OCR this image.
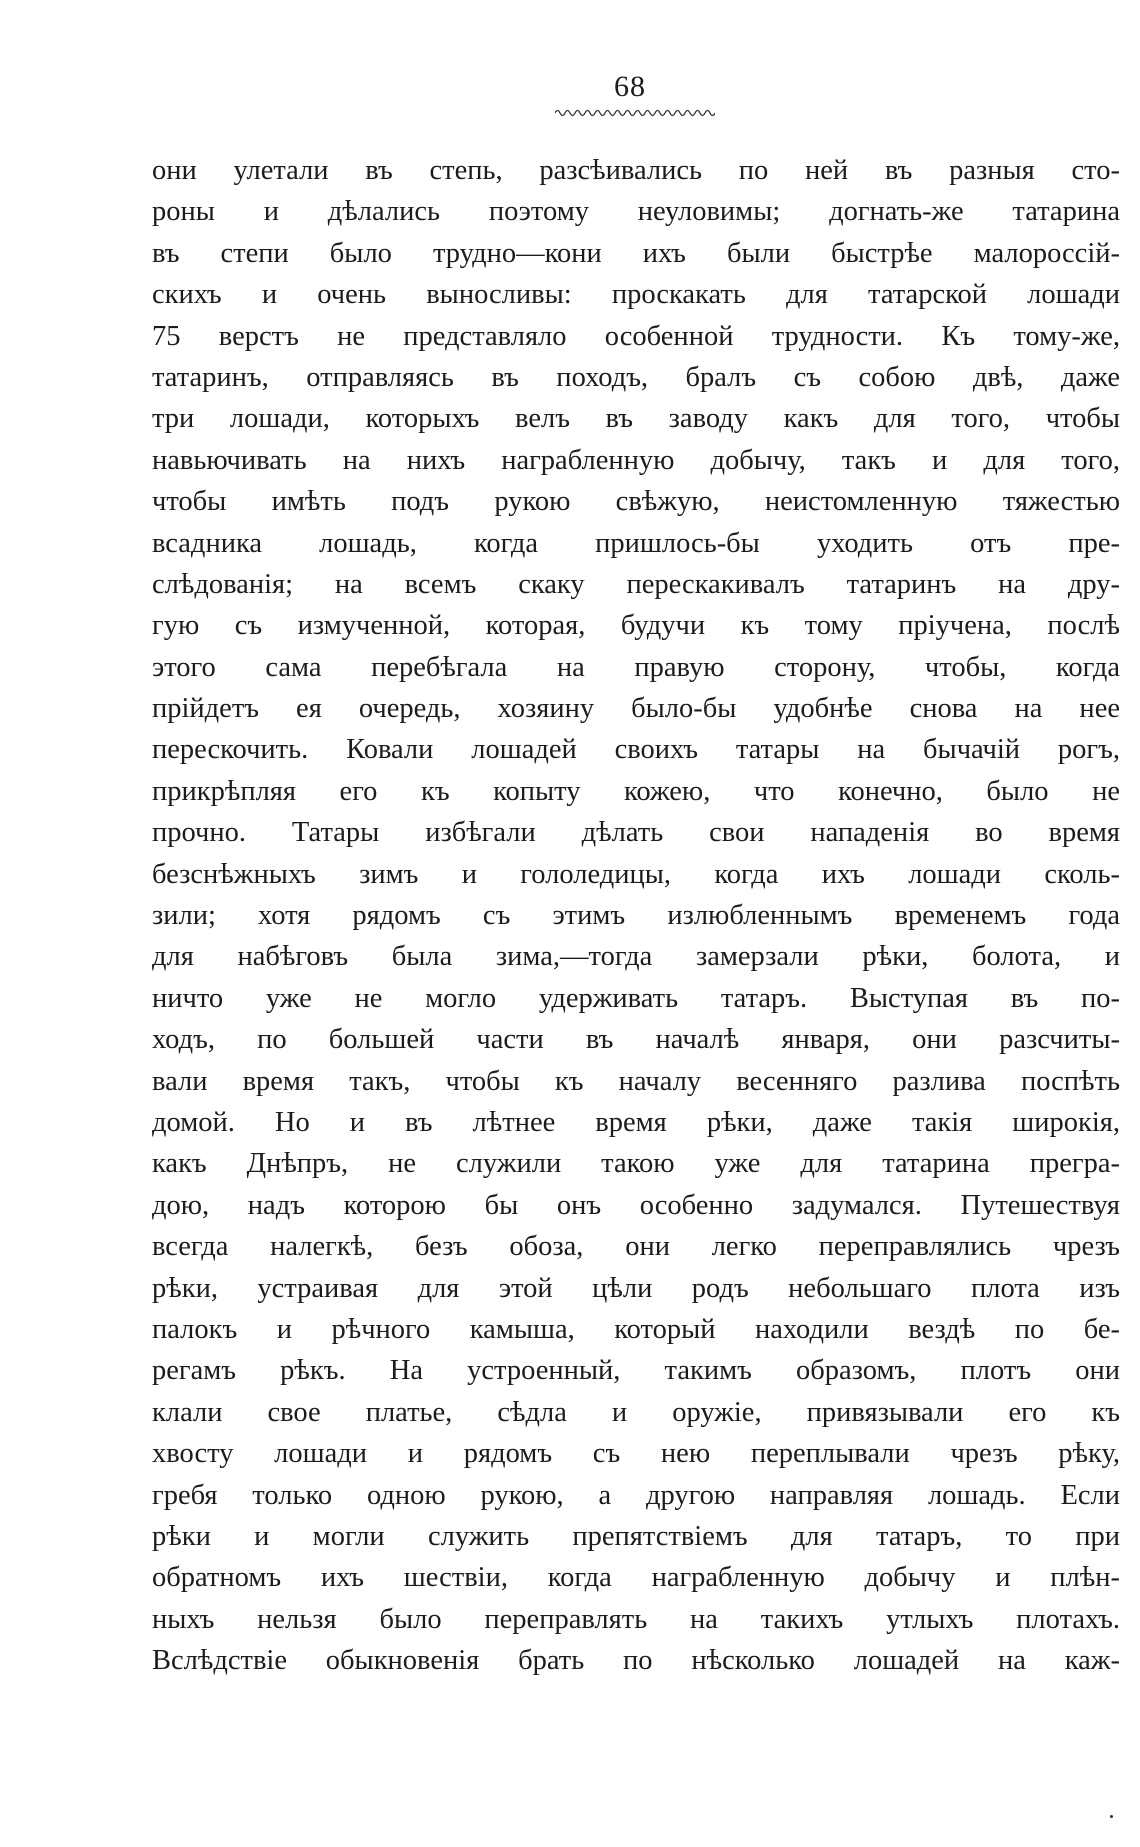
68
они улетали въ степь, разсѣивались по ней въ разныя сто-
роны и дѣлались поэтому неуловимы; догнать-же татарина
въ степи было трудно—кони ихъ были быстрѣе малороссій-
скихъ и очень выносливы: проскакать для татарской лошади
75 верстъ не представляло особенной трудности. Къ тому-же,
татаринъ, отправляясь въ походъ, бралъ съ собою двѣ, даже
три лошади, которыхъ велъ въ заводу какъ для того, чтобы
навьючивать на нихъ награбленную добычу, такъ и для того,
чтобы имѣть подъ рукою свѣжую, неистомленную тяжестью
всадника лошадь, когда пришлось-бы уходить отъ пре-
слѣдованія; на всемъ скаку перескакивалъ татаринъ на дру-
гую съ измученной, которая, будучи къ тому пріучена, послѣ
этого сама перебѣгала на правую сторону, чтобы, когда
прійдетъ ея очередь, хозяину было-бы удобнѣе снова на нее
перескочить. Ковали лошадей своихъ татары на бычачій рогъ,
прикрѣпляя его къ копыту кожею, что конечно, было не
прочно. Татары избѣгали дѣлать свои нападенія во время
безснѣжныхъ зимъ и гололедицы, когда ихъ лошади сколь-
зили; хотя рядомъ съ этимъ излюбленнымъ временемъ года
для набѣговъ была зима,—тогда замерзали рѣки, болота, и
ничто уже не могло удерживать татаръ. Выступая въ по-
ходъ, по большей части въ началѣ января, они разсчиты-
вали время такъ, чтобы къ началу весенняго разлива поспѣть
домой. Но и въ лѣтнее время рѣки, даже такія широкія,
какъ Днѣпръ, не служили такою уже для татарина прегра-
дою, надъ которою бы онъ особенно задумался. Путешествуя
всегда налегкѣ, безъ обоза, они легко переправлялись чрезъ
рѣки, устраивая для этой цѣли родъ небольшаго плота изъ
палокъ и рѣчного камыша, который находили вездѣ по бе-
регамъ рѣкъ. На устроенный, такимъ образомъ, плотъ они
клали свое платье, сѣдла и оружіе, привязывали его къ
хвосту лошади и рядомъ съ нею переплывали чрезъ рѣку,
гребя только одною рукою, а другою направляя лошадь. Если
рѣки и могли служить препятствіемъ для татаръ, то при
обратномъ ихъ шествіи, когда награбленную добычу и плѣн-
ныхъ нельзя было переправлять на такихъ утлыхъ плотахъ.
Вслѣдствіе обыкновенія брать по нѣсколько лошадей на каж-
